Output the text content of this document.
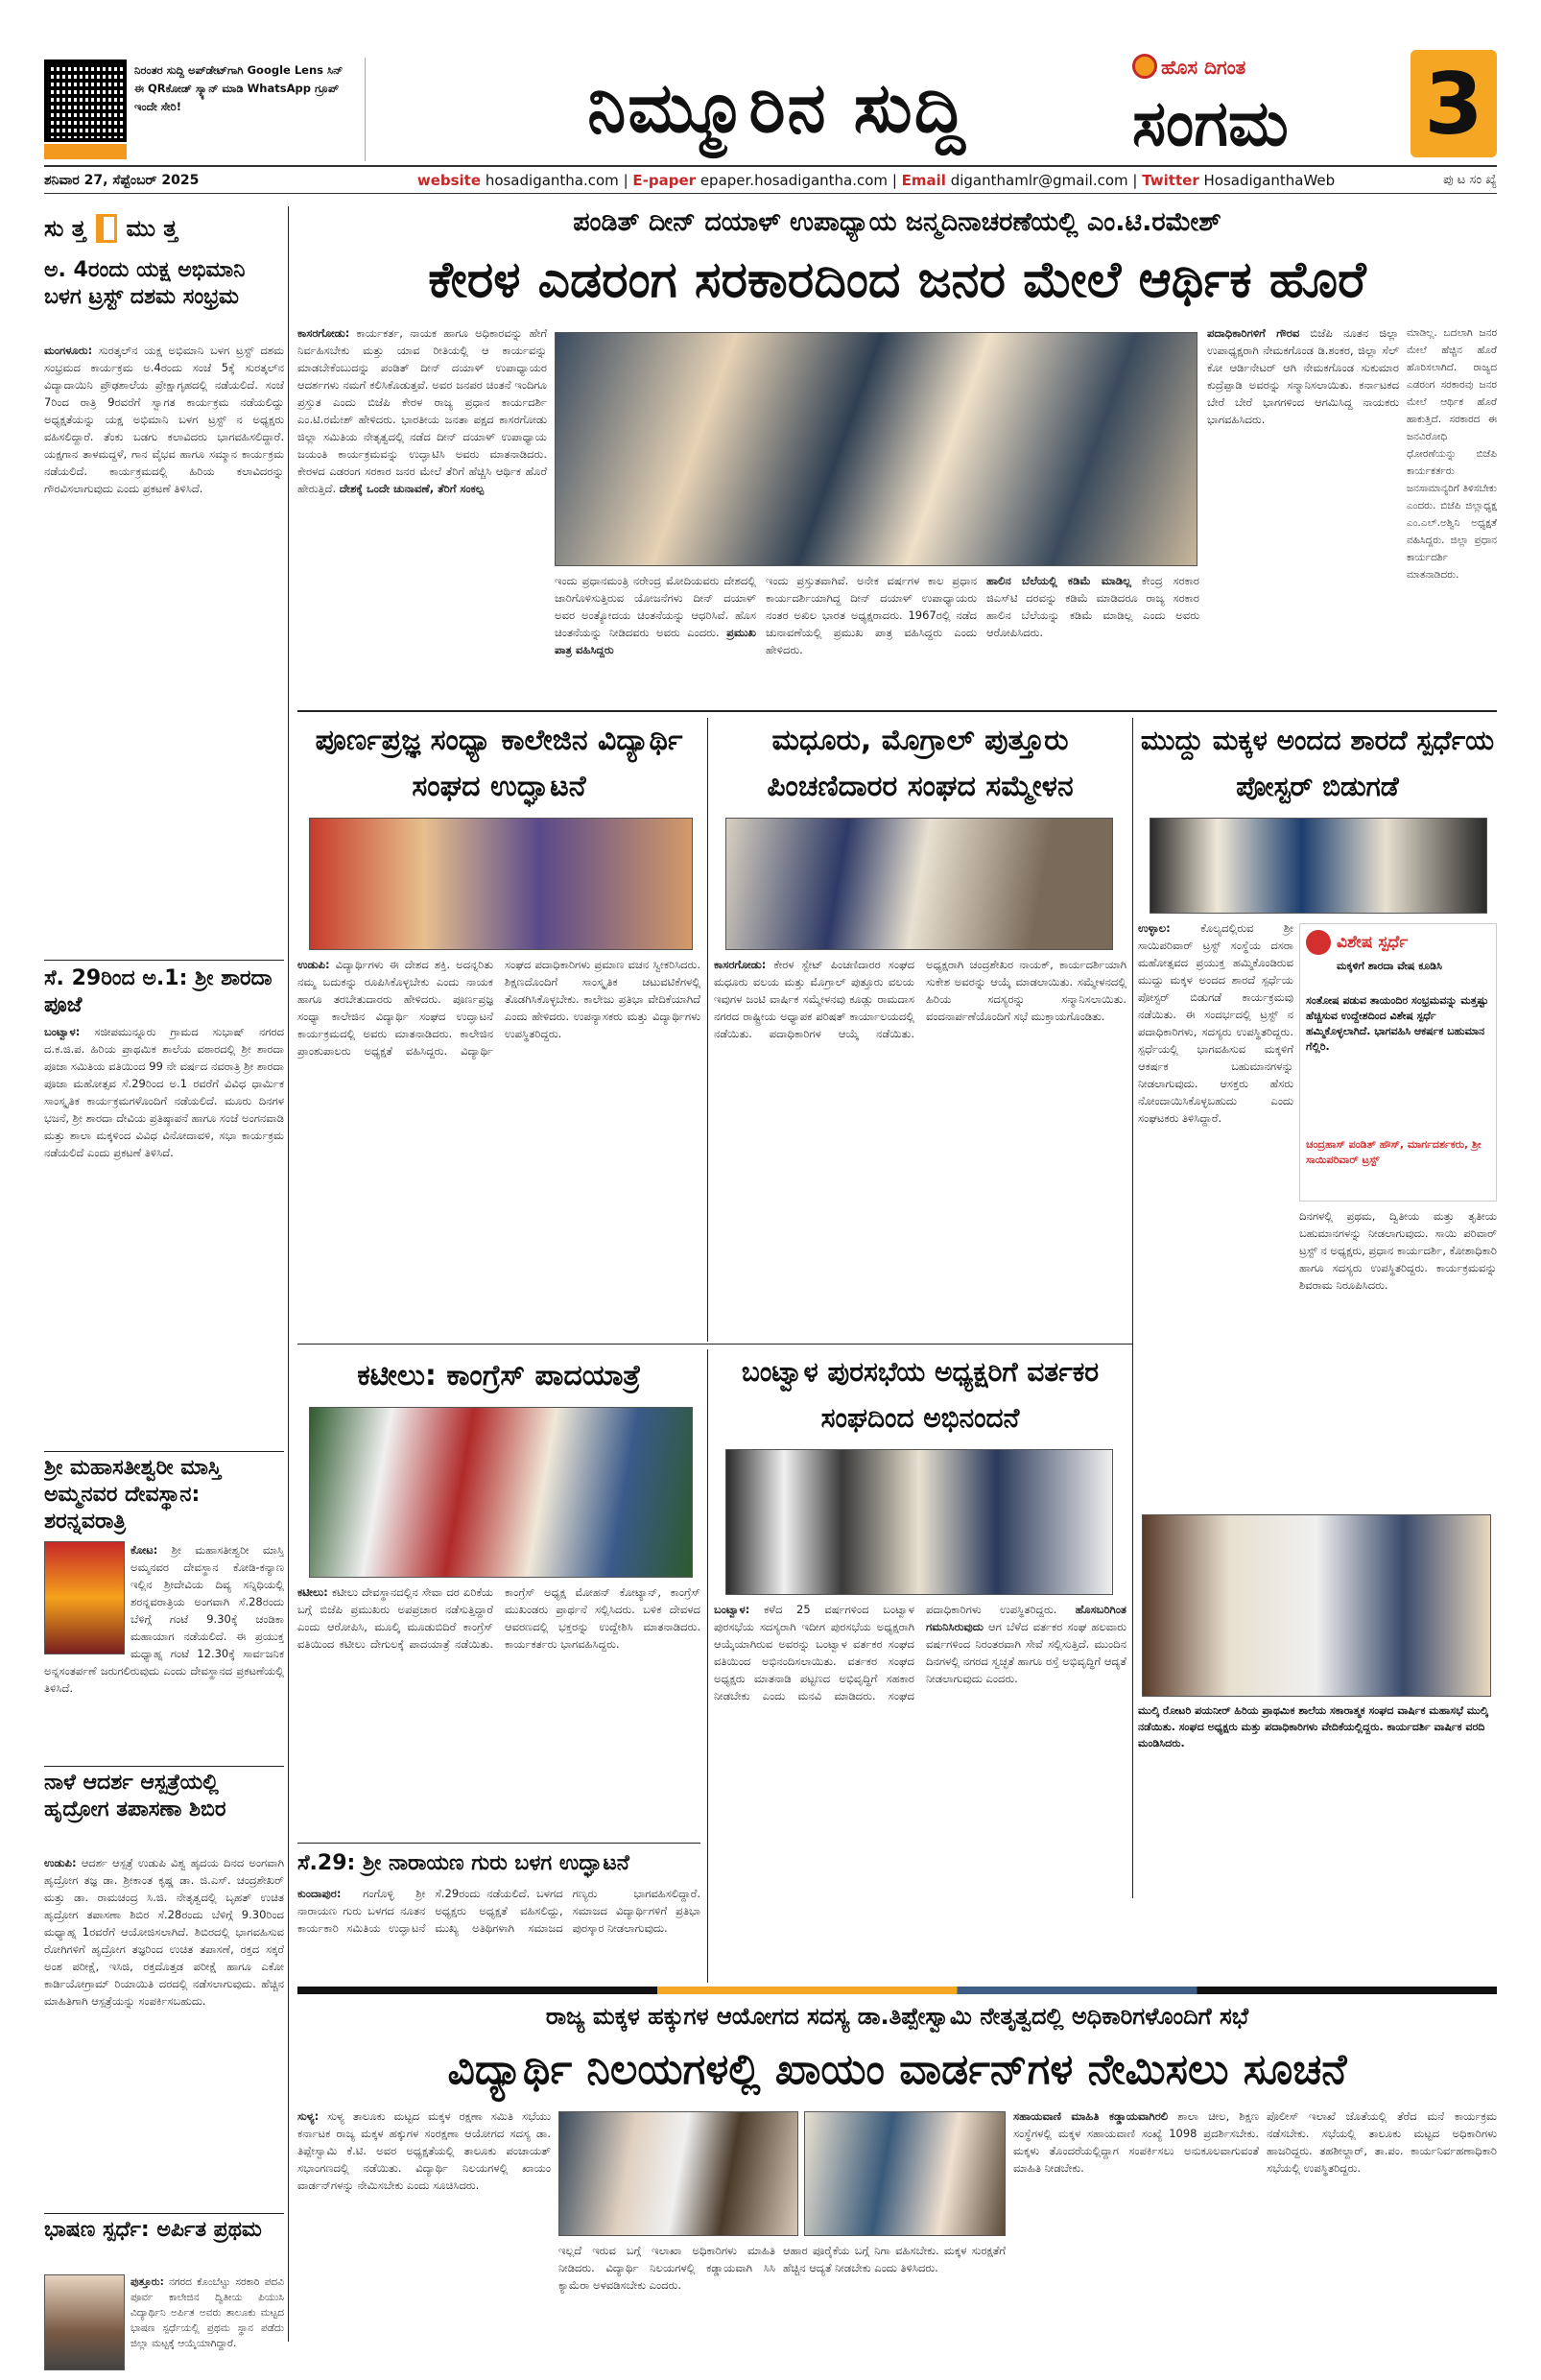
ನಿರಂತರ ಸುದ್ದಿ ಅಪ್‌ಡೇಟ್‌ಗಾಗಿ Google Lens ಸಿನ್ ಈ QRಕೋಡ್ ಸ್ಕ್ಯಾನ್ ಮಾಡಿ WhatsApp ಗ್ರೂಪ್ ಇಂದೇ ಸೇರಿ!	ನಿಮ್ಮೂರಿನ ಸುದ್ದಿ	ಹೊಸ ದಿಗಂತ
ಸಂಗಮ	3
ಶನಿವಾರ 27, ಸೆಪ್ಟೆಂಬರ್ 2025	website hosadigantha.com | E-paper epaper.hosadigantha.com | Email diganthamlr@gmail.com | Twitter HosadiganthaWeb	ಪು ಟ ಸಂ ಖ್ಯೆ
ಸು ತ್ತ ಮು ತ್ತ
ಅ. 4ರಂದು ಯಕ್ಷ ಅಭಿಮಾನಿ ಬಳಗ ಟ್ರಸ್ಟ್ ದಶಮ ಸಂಭ್ರಮ
ಮಂಗಳೂರು: ಸುರತ್ಕಲ್‌ನ ಯಕ್ಷ ಅಭಿಮಾನಿ ಬಳಗ ಟ್ರಸ್ಟ್ ದಶಮ ಸಂಭ್ರಮದ ಕಾರ್ಯಕ್ರಮ ಅ.4ರಂದು ಸಂಜೆ 5ಕ್ಕೆ ಸುರತ್ಕಲ್‌ನ ವಿದ್ಯಾದಾಯಿನಿ ಪ್ರೌಢಶಾಲೆಯ ಪ್ರೇಕ್ಷಾಗೃಹದಲ್ಲಿ ನಡೆಯಲಿದೆ. ಸಂಜೆ 7ರಿಂದ ರಾತ್ರಿ 9ರವರೆಗೆ ಸ್ವಾಗತ ಕಾರ್ಯಕ್ರಮ ನಡೆಯಲಿದ್ದು ಅಧ್ಯಕ್ಷತೆಯನ್ನು ಯಕ್ಷ ಅಭಿಮಾನಿ ಬಳಗ ಟ್ರಸ್ಟ್ ನ ಅಧ್ಯಕ್ಷರು ವಹಿಸಲಿದ್ದಾರೆ. ತೆಂಕು ಬಡಗು ಕಲಾವಿದರು ಭಾಗವಹಿಸಲಿದ್ದಾರೆ. ಯಕ್ಷಗಾನ ತಾಳಮದ್ದಳೆ, ಗಾನ ವೈಭವ ಹಾಗೂ ಸಮ್ಮಾನ ಕಾರ್ಯಕ್ರಮ ನಡೆಯಲಿದೆ. ಕಾರ್ಯಕ್ರಮದಲ್ಲಿ ಹಿರಿಯ ಕಲಾವಿದರನ್ನು ಗೌರವಿಸಲಾಗುವುದು ಎಂದು ಪ್ರಕಟಣೆ ತಿಳಿಸಿದೆ.
ಸೆ. 29ರಿಂದ ಅ.1: ಶ್ರೀ ಶಾರದಾ ಪೂಜೆ
ಬಂಟ್ವಾಳ: ಸಜೀಪಮುನ್ನೂರು ಗ್ರಾಮದ ಸುಭಾಷ್ ನಗರದ ದ.ಕ.ಜಿ.ಪ. ಹಿರಿಯ ಪ್ರಾಥಮಿಕ ಶಾಲೆಯ ವಠಾರದಲ್ಲಿ ಶ್ರೀ ಶಾರದಾ ಪೂಜಾ ಸಮಿತಿಯ ವತಿಯಿಂದ 99 ನೇ ವರ್ಷದ ನವರಾತ್ರಿ ಶ್ರೀ ಶಾರದಾ ಪೂಜಾ ಮಹೋತ್ಸವ ಸೆ.29ರಿಂದ ಅ.1 ರವರೆಗೆ ವಿವಿಧ ಧಾರ್ಮಿಕ ಸಾಂಸ್ಕೃತಿಕ ಕಾರ್ಯಕ್ರಮಗಳೊಂದಿಗೆ ನಡೆಯಲಿದೆ. ಮೂರು ದಿನಗಳ ಭಜನೆ, ಶ್ರೀ ಶಾರದಾ ದೇವಿಯ ಪ್ರತಿಷ್ಠಾಪನೆ ಹಾಗೂ ಸಂಜೆ ಅಂಗನವಾಡಿ ಮತ್ತು ಶಾಲಾ ಮಕ್ಕಳಿಂದ ವಿವಿಧ ವಿನೋದಾವಳಿ, ಸಭಾ ಕಾರ್ಯಕ್ರಮ ನಡೆಯಲಿದೆ ಎಂದು ಪ್ರಕಟಣೆ ತಿಳಿಸಿದೆ.
ಶ್ರೀ ಮಹಾಸತೀಶ್ವರೀ ಮಾಸ್ತಿ ಅಮ್ಮನವರ ದೇವಸ್ಥಾನ: ಶರನ್ನವರಾತ್ರಿ
ಕೋಟ: ಶ್ರೀ ಮಹಾಸತೀಶ್ವರೀ ಮಾಸ್ತಿ ಅಮ್ಮನವರ ದೇವಸ್ಥಾನ ಕೋಡಿ-ಕನ್ಯಾಣ ಇಲ್ಲಿನ ಶ್ರೀದೇವಿಯ ದಿವ್ಯ ಸನ್ನಿಧಿಯಲ್ಲಿ ಶರನ್ನವರಾತ್ರಿಯ ಅಂಗವಾಗಿ ಸೆ.28ರಂದು ಬೆಳಿಗ್ಗೆ ಗಂಟೆ 9.30ಕ್ಕೆ ಚಂಡಿಕಾ ಮಹಾಯಾಗ ನಡೆಯಲಿದೆ. ಈ ಪ್ರಯುಕ್ತ ಮಧ್ಯಾಹ್ನ ಗಂಟೆ 12.30ಕ್ಕೆ ಸಾರ್ವಜನಿಕ ಅನ್ನಸಂತರ್ಪಣೆ ಜರುಗಲಿರುವುದು ಎಂದು ದೇವಸ್ಥಾನದ ಪ್ರಕಟಣೆಯಲ್ಲಿ ತಿಳಿಸಿದೆ.
ನಾಳೆ ಆದರ್ಶ ಆಸ್ಪತ್ರೆಯಲ್ಲಿ ಹೃದ್ರೋಗ ತಪಾಸಣಾ ಶಿಬಿರ
ಉಡುಪಿ: ಆದರ್ಶ ಆಸ್ಪತ್ರೆ ಉಡುಪಿ ವಿಶ್ವ ಹೃದಯ ದಿನದ ಅಂಗವಾಗಿ ಹೃದ್ರೋಗ ತಜ್ಞ ಡಾ. ಶ್ರೀಕಾಂತ ಕೃಷ್ಣ ಡಾ. ಜಿ.ಎಸ್. ಚಂದ್ರಶೇಖರ್ ಮತ್ತು ಡಾ. ರಾಮಚಂದ್ರ ಸಿ.ಜಿ. ನೇತೃತ್ವದಲ್ಲಿ ಬೃಹತ್ ಉಚಿತ ಹೃದ್ರೋಗ ತಪಾಸಣಾ ಶಿಬಿರ ಸೆ.28ರಂದು ಬೆಳಿಗ್ಗೆ 9.30ರಿಂದ ಮಧ್ಯಾಹ್ನ 1ರವರೆಗೆ ಆಯೋಜಿಸಲಾಗಿದೆ. ಶಿಬಿರದಲ್ಲಿ ಭಾಗವಹಿಸುವ ರೋಗಿಗಳಿಗೆ ಹೃದ್ರೋಗ ತಜ್ಞರಿಂದ ಉಚಿತ ತಪಾಸಣೆ, ರಕ್ತದ ಸಕ್ಕರೆ ಅಂಶ ಪರೀಕ್ಷೆ, ಇಸಿಜಿ, ರಕ್ತದೊತ್ತಡ ಪರೀಕ್ಷೆ ಹಾಗೂ ಎಕೋ ಕಾರ್ಡಿಯೋಗ್ರಾಮ್ ರಿಯಾಯಿತಿ ದರದಲ್ಲಿ ನಡೆಸಲಾಗುವುದು. ಹೆಚ್ಚಿನ ಮಾಹಿತಿಗಾಗಿ ಆಸ್ಪತ್ರೆಯನ್ನು ಸಂಪರ್ಕಿಸಬಹುದು.
ಭಾಷಣ ಸ್ಪರ್ಧೆ: ಅರ್ಪಿತ ಪ್ರಥಮ
ಪುತ್ತೂರು: ನಗರದ ಕೊಂಬೆಟ್ಟು ಸರಕಾರಿ ಪದವಿ ಪೂರ್ವ ಕಾಲೇಜಿನ ದ್ವಿತೀಯ ಪಿಯುಸಿ ವಿದ್ಯಾರ್ಥಿನಿ ಅರ್ಪಿತ ಅವರು ತಾಲೂಕು ಮಟ್ಟದ ಭಾಷಣ ಸ್ಪರ್ಧೆಯಲ್ಲಿ ಪ್ರಥಮ ಸ್ಥಾನ ಪಡೆದು ಜಿಲ್ಲಾ ಮಟ್ಟಕ್ಕೆ ಆಯ್ಕೆಯಾಗಿದ್ದಾರೆ.
ಪಂಡಿತ್ ದೀನ್ ದಯಾಳ್ ಉಪಾಧ್ಯಾಯ ಜನ್ಮದಿನಾಚರಣೆಯಲ್ಲಿ ಎಂ.ಟಿ.ರಮೇಶ್
ಕೇರಳ ಎಡರಂಗ ಸರಕಾರದಿಂದ ಜನರ ಮೇಲೆ ಆರ್ಥಿಕ ಹೊರೆ
ಕಾಸರಗೋಡು: ಕಾರ್ಯಕರ್ತ, ನಾಯಕ ಹಾಗೂ ಅಧಿಕಾರವನ್ನು ಹೇಗೆ ನಿರ್ವಹಿಸಬೇಕು ಮತ್ತು ಯಾವ ರೀತಿಯಲ್ಲಿ ಆ ಕಾರ್ಯವನ್ನು ಮಾಡಬೇಕೆಂಬುದನ್ನು ಪಂಡಿತ್ ದೀನ್ ದಯಾಳ್ ಉಪಾಧ್ಯಾಯರ ಆದರ್ಶಗಳು ನಮಗೆ ಕಲಿಸಿಕೊಡುತ್ತವೆ. ಅವರ ಜನಪರ ಚಿಂತನೆ ಇಂದಿಗೂ ಪ್ರಸ್ತುತ ಎಂದು ಬಿಜೆಪಿ ಕೇರಳ ರಾಜ್ಯ ಪ್ರಧಾನ ಕಾರ್ಯದರ್ಶಿ ಎಂ.ಟಿ.ರಮೇಶ್ ಹೇಳಿದರು. ಭಾರತೀಯ ಜನತಾ ಪಕ್ಷದ ಕಾಸರಗೋಡು ಜಿಲ್ಲಾ ಸಮಿತಿಯ ನೇತೃತ್ವದಲ್ಲಿ ನಡೆದ ದೀನ್ ದಯಾಳ್ ಉಪಾಧ್ಯಾಯ ಜಯಂತಿ ಕಾರ್ಯಕ್ರಮವನ್ನು ಉದ್ಘಾಟಿಸಿ ಅವರು ಮಾತನಾಡಿದರು. ಕೇರಳದ ಎಡರಂಗ ಸರಕಾರ ಜನರ ಮೇಲೆ ತೆರಿಗೆ ಹೆಚ್ಚಿಸಿ ಆರ್ಥಿಕ ಹೊರೆ ಹೇರುತ್ತಿದೆ. ದೇಶಕ್ಕೆ ಒಂದೇ ಚುನಾವಣೆ, ತೆರಿಗೆ ಸಂಕಲ್ಪ
ಇಂದು ಪ್ರಧಾನಮಂತ್ರಿ ನರೇಂದ್ರ ಮೋದಿಯವರು ದೇಶದಲ್ಲಿ ಜಾರಿಗೊಳಿಸುತ್ತಿರುವ ಯೋಜನೆಗಳು ದೀನ್ ದಯಾಳ್ ಅವರ ಅಂತ್ಯೋದಯ ಚಿಂತನೆಯನ್ನು ಆಧರಿಸಿವೆ. ಹೊಸ ಚಿಂತನೆಯನ್ನು ನೀಡಿದವರು ಅವರು ಎಂದರು. ಪ್ರಮುಖ ಪಾತ್ರ ವಹಿಸಿದ್ದರು
ಇಂದು ಪ್ರಸ್ತುತವಾಗಿವೆ. ಅನೇಕ ವರ್ಷಗಳ ಕಾಲ ಪ್ರಧಾನ ಕಾರ್ಯದರ್ಶಿಯಾಗಿದ್ದ ದೀನ್ ದಯಾಳ್ ಉಪಾಧ್ಯಾಯರು ನಂತರ ಅಖಿಲ ಭಾರತ ಅಧ್ಯಕ್ಷರಾದರು. 1967ರಲ್ಲಿ ನಡೆದ ಚುನಾವಣೆಯಲ್ಲಿ ಪ್ರಮುಖ ಪಾತ್ರ ವಹಿಸಿದ್ದರು ಎಂದು ಹೇಳಿದರು.
ಹಾಲಿನ ಬೆಲೆಯಲ್ಲಿ ಕಡಿಮೆ ಮಾಡಿಲ್ಲ ಕೇಂದ್ರ ಸರಕಾರ ಜಿಎಸ್‌ಟಿ ದರವನ್ನು ಕಡಿಮೆ ಮಾಡಿದರೂ ರಾಜ್ಯ ಸರಕಾರ ಹಾಲಿನ ಬೆಲೆಯನ್ನು ಕಡಿಮೆ ಮಾಡಿಲ್ಲ ಎಂದು ಅವರು ಆರೋಪಿಸಿದರು.
ಪದಾಧಿಕಾರಿಗಳಿಗೆ ಗೌರವ ಬಿಜೆಪಿ ನೂತನ ಜಿಲ್ಲಾ ಉಪಾಧ್ಯಕ್ಷರಾಗಿ ನೇಮಕಗೊಂಡ ಡಿ.ಶಂಕರ, ಜಿಲ್ಲಾ ಸೆಲ್ ಕೋ ಆರ್ಡಿನೇಟರ್ ಆಗಿ ನೇಮಕಗೊಂಡ ಸುಕುಮಾರ ಕುದ್ರೆಪ್ಪಾಡಿ ಅವರನ್ನು ಸನ್ಮಾನಿಸಲಾಯಿತು. ಕರ್ನಾಟಕದ ಬೇರೆ ಬೇರೆ ಭಾಗಗಳಿಂದ ಆಗಮಿಸಿದ್ದ ನಾಯಕರು ಭಾಗವಹಿಸಿದರು.
ಮಾಡಿಲ್ಲ. ಬದಲಾಗಿ ಜನರ ಮೇಲೆ ಹೆಚ್ಚಿನ ಹೊರೆ ಹೊರಿಸಲಾಗಿದೆ. ರಾಜ್ಯದ ಎಡರಂಗ ಸರಕಾರವು ಜನರ ಮೇಲೆ ಆರ್ಥಿಕ ಹೊರೆ ಹಾಕುತ್ತಿದೆ. ಸರಕಾರದ ಈ ಜನವಿರೋಧಿ ಧೋರಣೆಯನ್ನು ಬಿಜೆಪಿ ಕಾರ್ಯಕರ್ತರು ಜನಸಾಮಾನ್ಯರಿಗೆ ತಿಳಿಸಬೇಕು ಎಂದರು. ಬಿಜೆಪಿ ಜಿಲ್ಲಾಧ್ಯಕ್ಷ ಎಂ.ಎಲ್.ಅಶ್ವಿನಿ ಅಧ್ಯಕ್ಷತೆ ವಹಿಸಿದ್ದರು. ಜಿಲ್ಲಾ ಪ್ರಧಾನ ಕಾರ್ಯದರ್ಶಿ ಮಾತನಾಡಿದರು.
ಪೂರ್ಣಪ್ರಜ್ಞ ಸಂಧ್ಯಾ ಕಾಲೇಜಿನ ವಿದ್ಯಾರ್ಥಿ ಸಂಘದ ಉದ್ಘಾಟನೆ
ಉಡುಪಿ: ವಿದ್ಯಾರ್ಥಿಗಳು ಈ ದೇಶದ ಶಕ್ತಿ. ಅದನ್ನರಿತು ನಮ್ಮ ಬದುಕನ್ನು ರೂಪಿಸಿಕೊಳ್ಳಬೇಕು ಎಂದು ನಾಯಕ ಹಾಗೂ ತರಬೇತುದಾರರು ಹೇಳಿದರು. ಪೂರ್ಣಪ್ರಜ್ಞ ಸಂಧ್ಯಾ ಕಾಲೇಜಿನ ವಿದ್ಯಾರ್ಥಿ ಸಂಘದ ಉದ್ಘಾಟನೆ ಕಾರ್ಯಕ್ರಮದಲ್ಲಿ ಅವರು ಮಾತನಾಡಿದರು. ಕಾಲೇಜಿನ ಪ್ರಾಂಶುಪಾಲರು ಅಧ್ಯಕ್ಷತೆ ವಹಿಸಿದ್ದರು. ವಿದ್ಯಾರ್ಥಿ ಸಂಘದ ಪದಾಧಿಕಾರಿಗಳು ಪ್ರಮಾಣ ವಚನ ಸ್ವೀಕರಿಸಿದರು. ಶಿಕ್ಷಣದೊಂದಿಗೆ ಸಾಂಸ್ಕೃತಿಕ ಚಟುವಟಿಕೆಗಳಲ್ಲಿ ತೊಡಗಿಸಿಕೊಳ್ಳಬೇಕು. ಕಾಲೇಜು ಪ್ರತಿಭಾ ವೇದಿಕೆಯಾಗಿದೆ ಎಂದು ಹೇಳಿದರು. ಉಪನ್ಯಾಸಕರು ಮತ್ತು ವಿದ್ಯಾರ್ಥಿಗಳು ಉಪಸ್ಥಿತರಿದ್ದರು.
ಮಧೂರು, ಮೊಗ್ರಾಲ್ ಪುತ್ತೂರು ಪಿಂಚಣಿದಾರರ ಸಂಘದ ಸಮ್ಮೇಳನ
ಕಾಸರಗೋಡು: ಕೇರಳ ಸ್ಟೇಟ್ ಪಿಂಚಣಿದಾರರ ಸಂಘದ ಮಧೂರು ವಲಯ ಮತ್ತು ಮೊಗ್ರಾಲ್ ಪುತ್ತೂರು ವಲಯ ಇವುಗಳ ಜಂಟಿ ವಾರ್ಷಿಕ ಸಮ್ಮೇಳನವು ಕೂಡ್ಲು ರಾಮದಾಸ ನಗರದ ರಾಷ್ಟ್ರೀಯ ಅಧ್ಯಾಪಕ ಪರಿಷತ್ ಕಾರ್ಯಾಲಯದಲ್ಲಿ ನಡೆಯಿತು. ಪದಾಧಿಕಾರಿಗಳ ಆಯ್ಕೆ ನಡೆಯಿತು. ಅಧ್ಯಕ್ಷರಾಗಿ ಚಂದ್ರಶೇಖರ ನಾಯಕ್, ಕಾರ್ಯದರ್ಶಿಯಾಗಿ ಸುಕೇಶ ಅವರನ್ನು ಆಯ್ಕೆ ಮಾಡಲಾಯಿತು. ಸಮ್ಮೇಳನದಲ್ಲಿ ಹಿರಿಯ ಸದಸ್ಯರನ್ನು ಸನ್ಮಾನಿಸಲಾಯಿತು. ವಂದನಾರ್ಪಣೆಯೊಂದಿಗೆ ಸಭೆ ಮುಕ್ತಾಯಗೊಂಡಿತು.
ಮುದ್ದು ಮಕ್ಕಳ ಅಂದದ ಶಾರದೆ ಸ್ಪರ್ಧೆಯ ಪೋಸ್ಟರ್ ಬಿಡುಗಡೆ
ಉಳ್ಳಾಲ:	ಕೊಲ್ಯದಲ್ಲಿರುವ ಶ್ರೀ ಸಾಯಿಪರಿವಾರ್ ಟ್ರಸ್ಟ್ ಸಂಸ್ಥೆಯ ದಸರಾ ಮಹೋತ್ಸವದ ಪ್ರಯುಕ್ತ ಹಮ್ಮಿಕೊಂಡಿರುವ ಮುದ್ದು ಮಕ್ಕಳ ಅಂದದ ಶಾರದೆ ಸ್ಪರ್ಧೆಯ ಪೋಸ್ಟರ್ ಬಿಡುಗಡೆ ಕಾರ್ಯಕ್ರಮವು ನಡೆಯಿತು. ಈ ಸಂದರ್ಭದಲ್ಲಿ ಟ್ರಸ್ಟ್ ನ ಪದಾಧಿಕಾರಿಗಳು, ಸದಸ್ಯರು ಉಪಸ್ಥಿತರಿದ್ದರು. ಸ್ಪರ್ಧೆಯಲ್ಲಿ ಭಾಗವಹಿಸುವ ಮಕ್ಕಳಿಗೆ ಆಕರ್ಷಕ ಬಹುಮಾನಗಳನ್ನು ನೀಡಲಾಗುವುದು. ಆಸಕ್ತರು ಹೆಸರು ನೋಂದಾಯಿಸಿಕೊಳ್ಳಬಹುದು ಎಂದು ಸಂಘಟಕರು ತಿಳಿಸಿದ್ದಾರೆ.
ವಿಶೇಷ ಸ್ಪರ್ಧೆ
ಮಕ್ಕಳಿಗೆ ಶಾರದಾ ವೇಷ ಕೂಡಿಸಿ
ಸಂತೋಷ ಪಡುವ ತಾಯಂದಿರ ಸಂಭ್ರಮವನ್ನು ಮತ್ತಷ್ಟು ಹೆಚ್ಚಿಸುವ ಉದ್ದೇಶದಿಂದ ವಿಶೇಷ ಸ್ಪರ್ಧೆ ಹಮ್ಮಿಕೊಳ್ಳಲಾಗಿದೆ. ಭಾಗವಹಿಸಿ ಆಕರ್ಷಕ ಬಹುಮಾನ ಗೆಲ್ಲಿರಿ.
ಚಂದ್ರಹಾಸ್ ಪಂಡಿತ್ ಹೌಸ್, ಮಾರ್ಗದರ್ಶಕರು, ಶ್ರೀ ಸಾಯಿಪರಿವಾರ್ ಟ್ರಸ್ಟ್
ದಿನಗಳಲ್ಲಿ ಪ್ರಥಮ, ದ್ವಿತೀಯ ಮತ್ತು ತೃತೀಯ ಬಹುಮಾನಗಳನ್ನು ನೀಡಲಾಗುವುದು. ಸಾಯಿ ಪರಿವಾರ್ ಟ್ರಸ್ಟ್ ನ ಅಧ್ಯಕ್ಷರು, ಪ್ರಧಾನ ಕಾರ್ಯದರ್ಶಿ, ಕೋಶಾಧಿಕಾರಿ ಹಾಗೂ ಸದಸ್ಯರು ಉಪಸ್ಥಿತರಿದ್ದರು. ಕಾರ್ಯಕ್ರಮವನ್ನು ಶಿವರಾಮ ನಿರೂಪಿಸಿದರು.
ಕಟೀಲು: ಕಾಂಗ್ರೆಸ್ ಪಾದಯಾತ್ರೆ
ಕಟೀಲು: ಕಟೀಲು ದೇವಸ್ಥಾನದಲ್ಲಿನ ಸೇವಾ ದರ ಏರಿಕೆಯ ಬಗ್ಗೆ ಬಿಜೆಪಿ ಪ್ರಮುಖರು ಅಪಪ್ರಚಾರ ನಡೆಸುತ್ತಿದ್ದಾರೆ ಎಂದು ಆರೋಪಿಸಿ, ಮೂಲ್ಕಿ ಮೂಡುಬಿದಿರೆ ಕಾಂಗ್ರೆಸ್ ವತಿಯಿಂದ ಕಟೀಲು ದೇಗುಲಕ್ಕೆ ಪಾದಯಾತ್ರೆ ನಡೆಯಿತು. ಕಾಂಗ್ರೆಸ್ ಅಧ್ಯಕ್ಷ ಮೋಹನ್ ಕೋಟ್ಯಾನ್, ಕಾಂಗ್ರೆಸ್ ಮುಖಂಡರು ಪ್ರಾರ್ಥನೆ ಸಲ್ಲಿಸಿದರು. ಬಳಿಕ ದೇವಳದ ಆವರಣದಲ್ಲಿ ಭಕ್ತರನ್ನು ಉದ್ದೇಶಿಸಿ ಮಾತನಾಡಿದರು. ಕಾರ್ಯಕರ್ತರು ಭಾಗವಹಿಸಿದ್ದರು.
ಬಂಟ್ವಾಳ ಪುರಸಭೆಯ ಅಧ್ಯಕ್ಷರಿಗೆ ವರ್ತಕರ ಸಂಘದಿಂದ ಅಭಿನಂದನೆ
ಬಂಟ್ವಾಳ: ಕಳೆದ 25 ವರ್ಷಗಳಿಂದ ಬಂಟ್ವಾಳ ಪುರಸಭೆಯ ಸದಸ್ಯರಾಗಿ ಇದೀಗ ಪುರಸಭೆಯ ಅಧ್ಯಕ್ಷರಾಗಿ ಆಯ್ಕೆಯಾಗಿರುವ ಅವರನ್ನು ಬಂಟ್ವಾಳ ವರ್ತಕರ ಸಂಘದ ವತಿಯಿಂದ ಅಭಿನಂದಿಸಲಾಯಿತು. ವರ್ತಕರ ಸಂಘದ ಅಧ್ಯಕ್ಷರು ಮಾತನಾಡಿ ಪಟ್ಟಣದ ಅಭಿವೃದ್ಧಿಗೆ ಸಹಕಾರ ನೀಡಬೇಕು ಎಂದು ಮನವಿ ಮಾಡಿದರು. ಸಂಘದ ಪದಾಧಿಕಾರಿಗಳು ಉಪಸ್ಥಿತರಿದ್ದರು. ಹೊಸಬರಿಗಿಂತ ಗಮನಿಸಿರುವುದು ಆಗ ಬೆಳೆದ ವರ್ತಕರ ಸಂಘ ಹಲವಾರು ವರ್ಷಗಳಿಂದ ನಿರಂತರವಾಗಿ ಸೇವೆ ಸಲ್ಲಿಸುತ್ತಿದೆ. ಮುಂದಿನ ದಿನಗಳಲ್ಲಿ ನಗರದ ಸ್ವಚ್ಛತೆ ಹಾಗೂ ರಸ್ತೆ ಅಭಿವೃದ್ಧಿಗೆ ಆದ್ಯತೆ ನೀಡಲಾಗುವುದು ಎಂದರು.
ಸೆ.29: ಶ್ರೀ ನಾರಾಯಣ ಗುರು ಬಳಗ ಉದ್ಘಾಟನೆ
ಕುಂದಾಪುರ: ಗಂಗೊಳ್ಳಿ ಶ್ರೀ ನಾರಾಯಣ ಗುರು ಬಳಗದ ನೂತನ ಕಾರ್ಯಕಾರಿ ಸಮಿತಿಯ ಉದ್ಘಾಟನೆ ಸೆ.29ರಂದು ನಡೆಯಲಿದೆ. ಬಳಗದ ಅಧ್ಯಕ್ಷರು ಅಧ್ಯಕ್ಷತೆ ವಹಿಸಲಿದ್ದು, ಮುಖ್ಯ ಅತಿಥಿಗಳಾಗಿ ಸಮಾಜದ ಗಣ್ಯರು ಭಾಗವಹಿಸಲಿದ್ದಾರೆ. ಸಮಾಜದ ವಿದ್ಯಾರ್ಥಿಗಳಿಗೆ ಪ್ರತಿಭಾ ಪುರಸ್ಕಾರ ನೀಡಲಾಗುವುದು.
ಮುಲ್ಕಿ ರೋಟರಿ ಪಯನೀರ್ ಹಿರಿಯ ಪ್ರಾಥಮಿಕ ಶಾಲೆಯ ಸಕಾರಾತ್ಮಕ ಸಂಘದ ವಾರ್ಷಿಕ ಮಹಾಸಭೆ ಮುಲ್ಕಿ ನಡೆಯಿತು. ಸಂಘದ ಅಧ್ಯಕ್ಷರು ಮತ್ತು ಪದಾಧಿಕಾರಿಗಳು ವೇದಿಕೆಯಲ್ಲಿದ್ದರು. ಕಾರ್ಯದರ್ಶಿ ವಾರ್ಷಿಕ ವರದಿ ಮಂಡಿಸಿದರು.
ರಾಜ್ಯ ಮಕ್ಕಳ ಹಕ್ಕುಗಳ ಆಯೋಗದ ಸದಸ್ಯ ಡಾ.ತಿಪ್ಪೇಸ್ವಾಮಿ ನೇತೃತ್ವದಲ್ಲಿ ಅಧಿಕಾರಿಗಳೊಂದಿಗೆ ಸಭೆ
ವಿದ್ಯಾರ್ಥಿ ನಿಲಯಗಳಲ್ಲಿ ಖಾಯಂ ವಾರ್ಡನ್‌ಗಳ ನೇಮಿಸಲು ಸೂಚನೆ
ಸುಳ್ಯ: ಸುಳ್ಯ ತಾಲೂಕು ಮಟ್ಟದ ಮಕ್ಕಳ ರಕ್ಷಣಾ ಸಮಿತಿ ಸಭೆಯು ಕರ್ನಾಟಕ ರಾಜ್ಯ ಮಕ್ಕಳ ಹಕ್ಕುಗಳ ಸಂರಕ್ಷಣಾ ಆಯೋಗದ ಸದಸ್ಯ ಡಾ. ತಿಪ್ಪೇಸ್ವಾಮಿ ಕೆ.ಟಿ. ಅವರ ಅಧ್ಯಕ್ಷತೆಯಲ್ಲಿ ತಾಲೂಕು ಪಂಚಾಯತ್ ಸಭಾಂಗಣದಲ್ಲಿ ನಡೆಯಿತು. ವಿದ್ಯಾರ್ಥಿ ನಿಲಯಗಳಲ್ಲಿ ಖಾಯಂ ವಾರ್ಡನ್‌ಗಳನ್ನು ನೇಮಿಸಬೇಕು ಎಂದು ಸೂಚಿಸಿದರು.
ಇಲ್ಲದೆ ಇರುವ ಬಗ್ಗೆ ಇಲಾಖಾ ಅಧಿಕಾರಿಗಳು ಮಾಹಿತಿ ನೀಡಿದರು. ವಿದ್ಯಾರ್ಥಿ ನಿಲಯಗಳಲ್ಲಿ ಕಡ್ಡಾಯವಾಗಿ ಸಿಸಿ ಕ್ಯಾಮೆರಾ ಅಳವಡಿಸಬೇಕು ಎಂದರು.
ಆಹಾರ ಪೂರೈಕೆಯ ಬಗ್ಗೆ ನಿಗಾ ವಹಿಸಬೇಕು. ಮಕ್ಕಳ ಸುರಕ್ಷತೆಗೆ ಹೆಚ್ಚಿನ ಆದ್ಯತೆ ನೀಡಬೇಕು ಎಂದು ತಿಳಿಸಿದರು.
ಸಹಾಯವಾಣಿ ಮಾಹಿತಿ ಕಡ್ಡಾಯವಾಗಿರಲಿ ಶಾಲಾ ಚೀಲ, ಶಿಕ್ಷಣ ಸಂಸ್ಥೆಗಳಲ್ಲಿ ಮಕ್ಕಳ ಸಹಾಯವಾಣಿ ಸಂಖ್ಯೆ 1098 ಪ್ರದರ್ಶಿಸಬೇಕು. ಮಕ್ಕಳು ತೊಂದರೆಯಲ್ಲಿದ್ದಾಗ ಸಂಪರ್ಕಿಸಲು ಅನುಕೂಲವಾಗುವಂತೆ ಮಾಹಿತಿ ನೀಡಬೇಕು.
ಪೊಲೀಸ್ ಇಲಾಖೆ ಜೊತೆಯಲ್ಲಿ ತೆರೆದ ಮನೆ ಕಾರ್ಯಕ್ರಮ ನಡೆಸಬೇಕು. ಸಭೆಯಲ್ಲಿ ತಾಲೂಕು ಮಟ್ಟದ ಅಧಿಕಾರಿಗಳು ಹಾಜರಿದ್ದರು. ತಹಶೀಲ್ದಾರ್, ತಾ.ಪಂ. ಕಾರ್ಯನಿರ್ವಹಣಾಧಿಕಾರಿ ಸಭೆಯಲ್ಲಿ ಉಪಸ್ಥಿತರಿದ್ದರು.
